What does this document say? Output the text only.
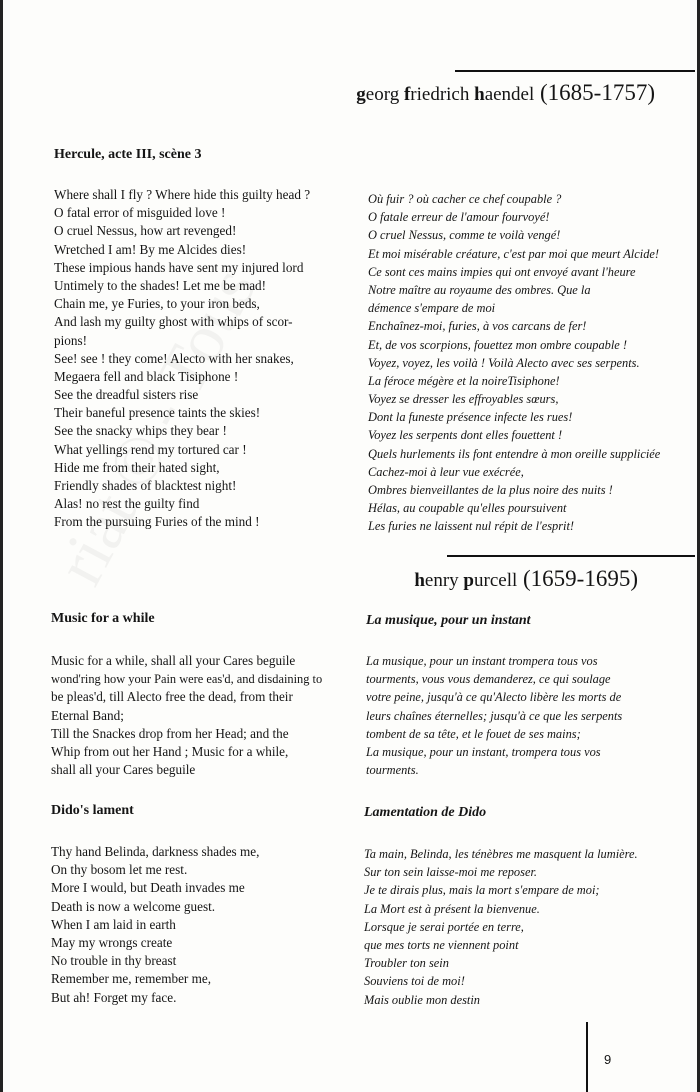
georg friedrich haendel (1685-1757)
Hercule, acte III, scène 3
Where shall I fly ? Where hide this guilty head ?
O fatal error of misguided love !
O cruel Nessus, how art revenged!
Wretched I am! By me Alcides dies!
These impious hands have sent my injured lord
Untimely to the shades! Let me be mad!
Chain me, ye Furies, to your iron beds,
And lash my guilty ghost with whips of scor-
pions!
See! see ! they come! Alecto with her snakes,
Megaera fell and black Tisiphone !
See the dreadful sisters rise
Their baneful presence taints the skies!
See the snacky whips they bear !
What yellings rend my tortured car !
Hide me from their hated sight,
Friendly shades of blacktest night!
Alas! no rest the guilty find
From the pursuing Furies of the mind !
Où fuir ? où cacher ce chef coupable ?
O fatale erreur de l'amour fourvoyé!
O cruel Nessus, comme te voilà vengé!
Et moi misérable créature, c'est par moi que meurt Alcide!
Ce sont ces mains impies qui ont envoyé avant l'heure
Notre maître au royaume des ombres. Que la
démence s'empare de moi
Enchaînez-moi, furies, à vos carcans de fer!
Et, de vos scorpions, fouettez mon ombre coupable !
Voyez, voyez, les voilà ! Voilà Alecto avec ses serpents.
La féroce mégère et la noireTisiphone!
Voyez se dresser les effroyables sœurs,
Dont la funeste présence infecte les rues!
Voyez les serpents dont elles fouettent !
Quels hurlements ils font entendre à mon oreille suppliciée
Cachez-moi à leur vue exécrée,
Ombres bienveillantes de la plus noire des nuits !
Hélas, au coupable qu'elles poursuivent
Les furies ne laissent nul répit de l'esprit!
henry purcell (1659-1695)
Music for a while	La musique, pour un instant
Music for a while, shall all your Cares beguile
wond'ring how your Pain were eas'd, and disdaining to
be pleas'd, till Alecto free the dead, from their
Eternal Band;
Till the Snackes drop from her Head; and the
Whip from out her Hand ; Music for a while,
shall all your Cares beguile
La musique, pour un instant trompera tous vos
tourments, vous vous demanderez, ce qui soulage
votre peine, jusqu'à ce qu'Alecto libère les morts de
leurs chaînes éternelles; jusqu'à ce que les serpents
tombent de sa tête, et le fouet de ses mains;
La musique, pour un instant, trompera tous vos
tourments.
Dido's lament	Lamentation de Dido
Thy hand Belinda, darkness shades me,
On thy bosom let me rest.
More I would, but Death invades me
Death is now a welcome guest.
When I am laid in earth
May my wrongs create
No trouble in thy breast
Remember me, remember me,
But ah! Forget my face.
Ta main, Belinda, les ténèbres me masquent la lumière.
Sur ton sein laisse-moi me reposer.
Je te dirais plus, mais la mort s'empare de moi;
La Mort est à présent la bienvenue.
Lorsque je serai portée en terre,
que mes torts ne viennent point
Troubler ton sein
Souviens toi de moi!
Mais oublie mon destin
9
